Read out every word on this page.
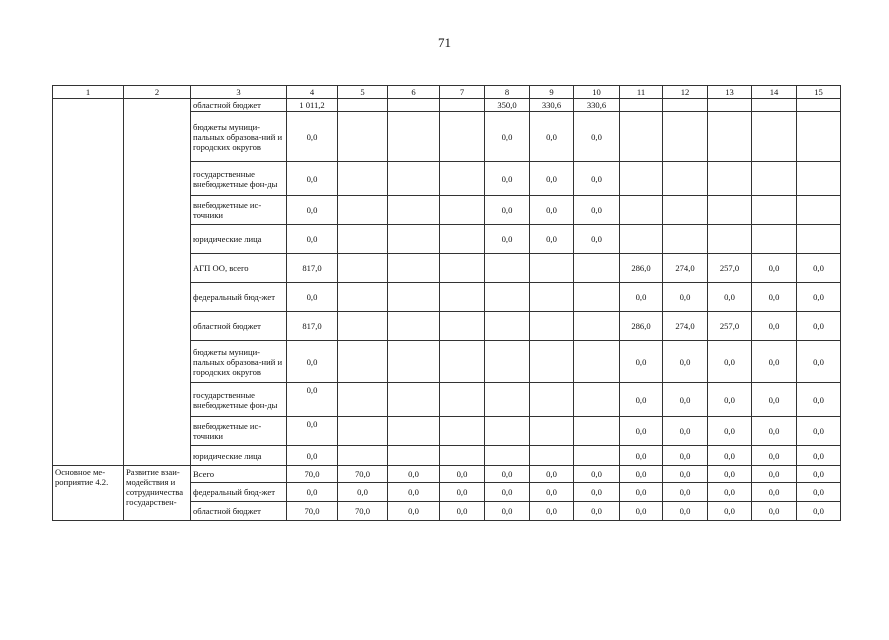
71
1	2	3	4	5	6	7	8	9	10	11	12	13	14	15
		областной бюджет	1 011,2				350,0	330,6	330,6					
		бюджеты муници-пальных образова-ний и городских округов	0,0				0,0	0,0	0,0					
		государственные внебюджетные фон-ды	0,0				0,0	0,0	0,0					
		внебюджетные ис-точники	0,0				0,0	0,0	0,0					
		юридические лица	0,0				0,0	0,0	0,0					
		АГП ОО, всего	817,0							286,0	274,0	257,0	0,0	0,0
		федеральный бюд-жет	0,0							0,0	0,0	0,0	0,0	0,0
		областной бюджет	817,0							286,0	274,0	257,0	0,0	0,0
		бюджеты муници-пальных образова-ний и городских округов	0,0							0,0	0,0	0,0	0,0	0,0
		государственные внебюджетные фон-ды	0,0							0,0	0,0	0,0	0,0	0,0
		внебюджетные ис-точники	0,0							0,0	0,0	0,0	0,0	0,0
		юридические лица	0,0							0,0	0,0	0,0	0,0	0,0
Основное ме-роприятие 4.2.	Развитие взаи-модействия и сотрудничества государствен-	Всего	70,0	70,0	0,0	0,0	0,0	0,0	0,0	0,0	0,0	0,0	0,0	0,0
		федеральный бюд-жет	0,0	0,0	0,0	0,0	0,0	0,0	0,0	0,0	0,0	0,0	0,0	0,0
		областной бюджет	70,0	70,0	0,0	0,0	0,0	0,0	0,0	0,0	0,0	0,0	0,0	0,0
